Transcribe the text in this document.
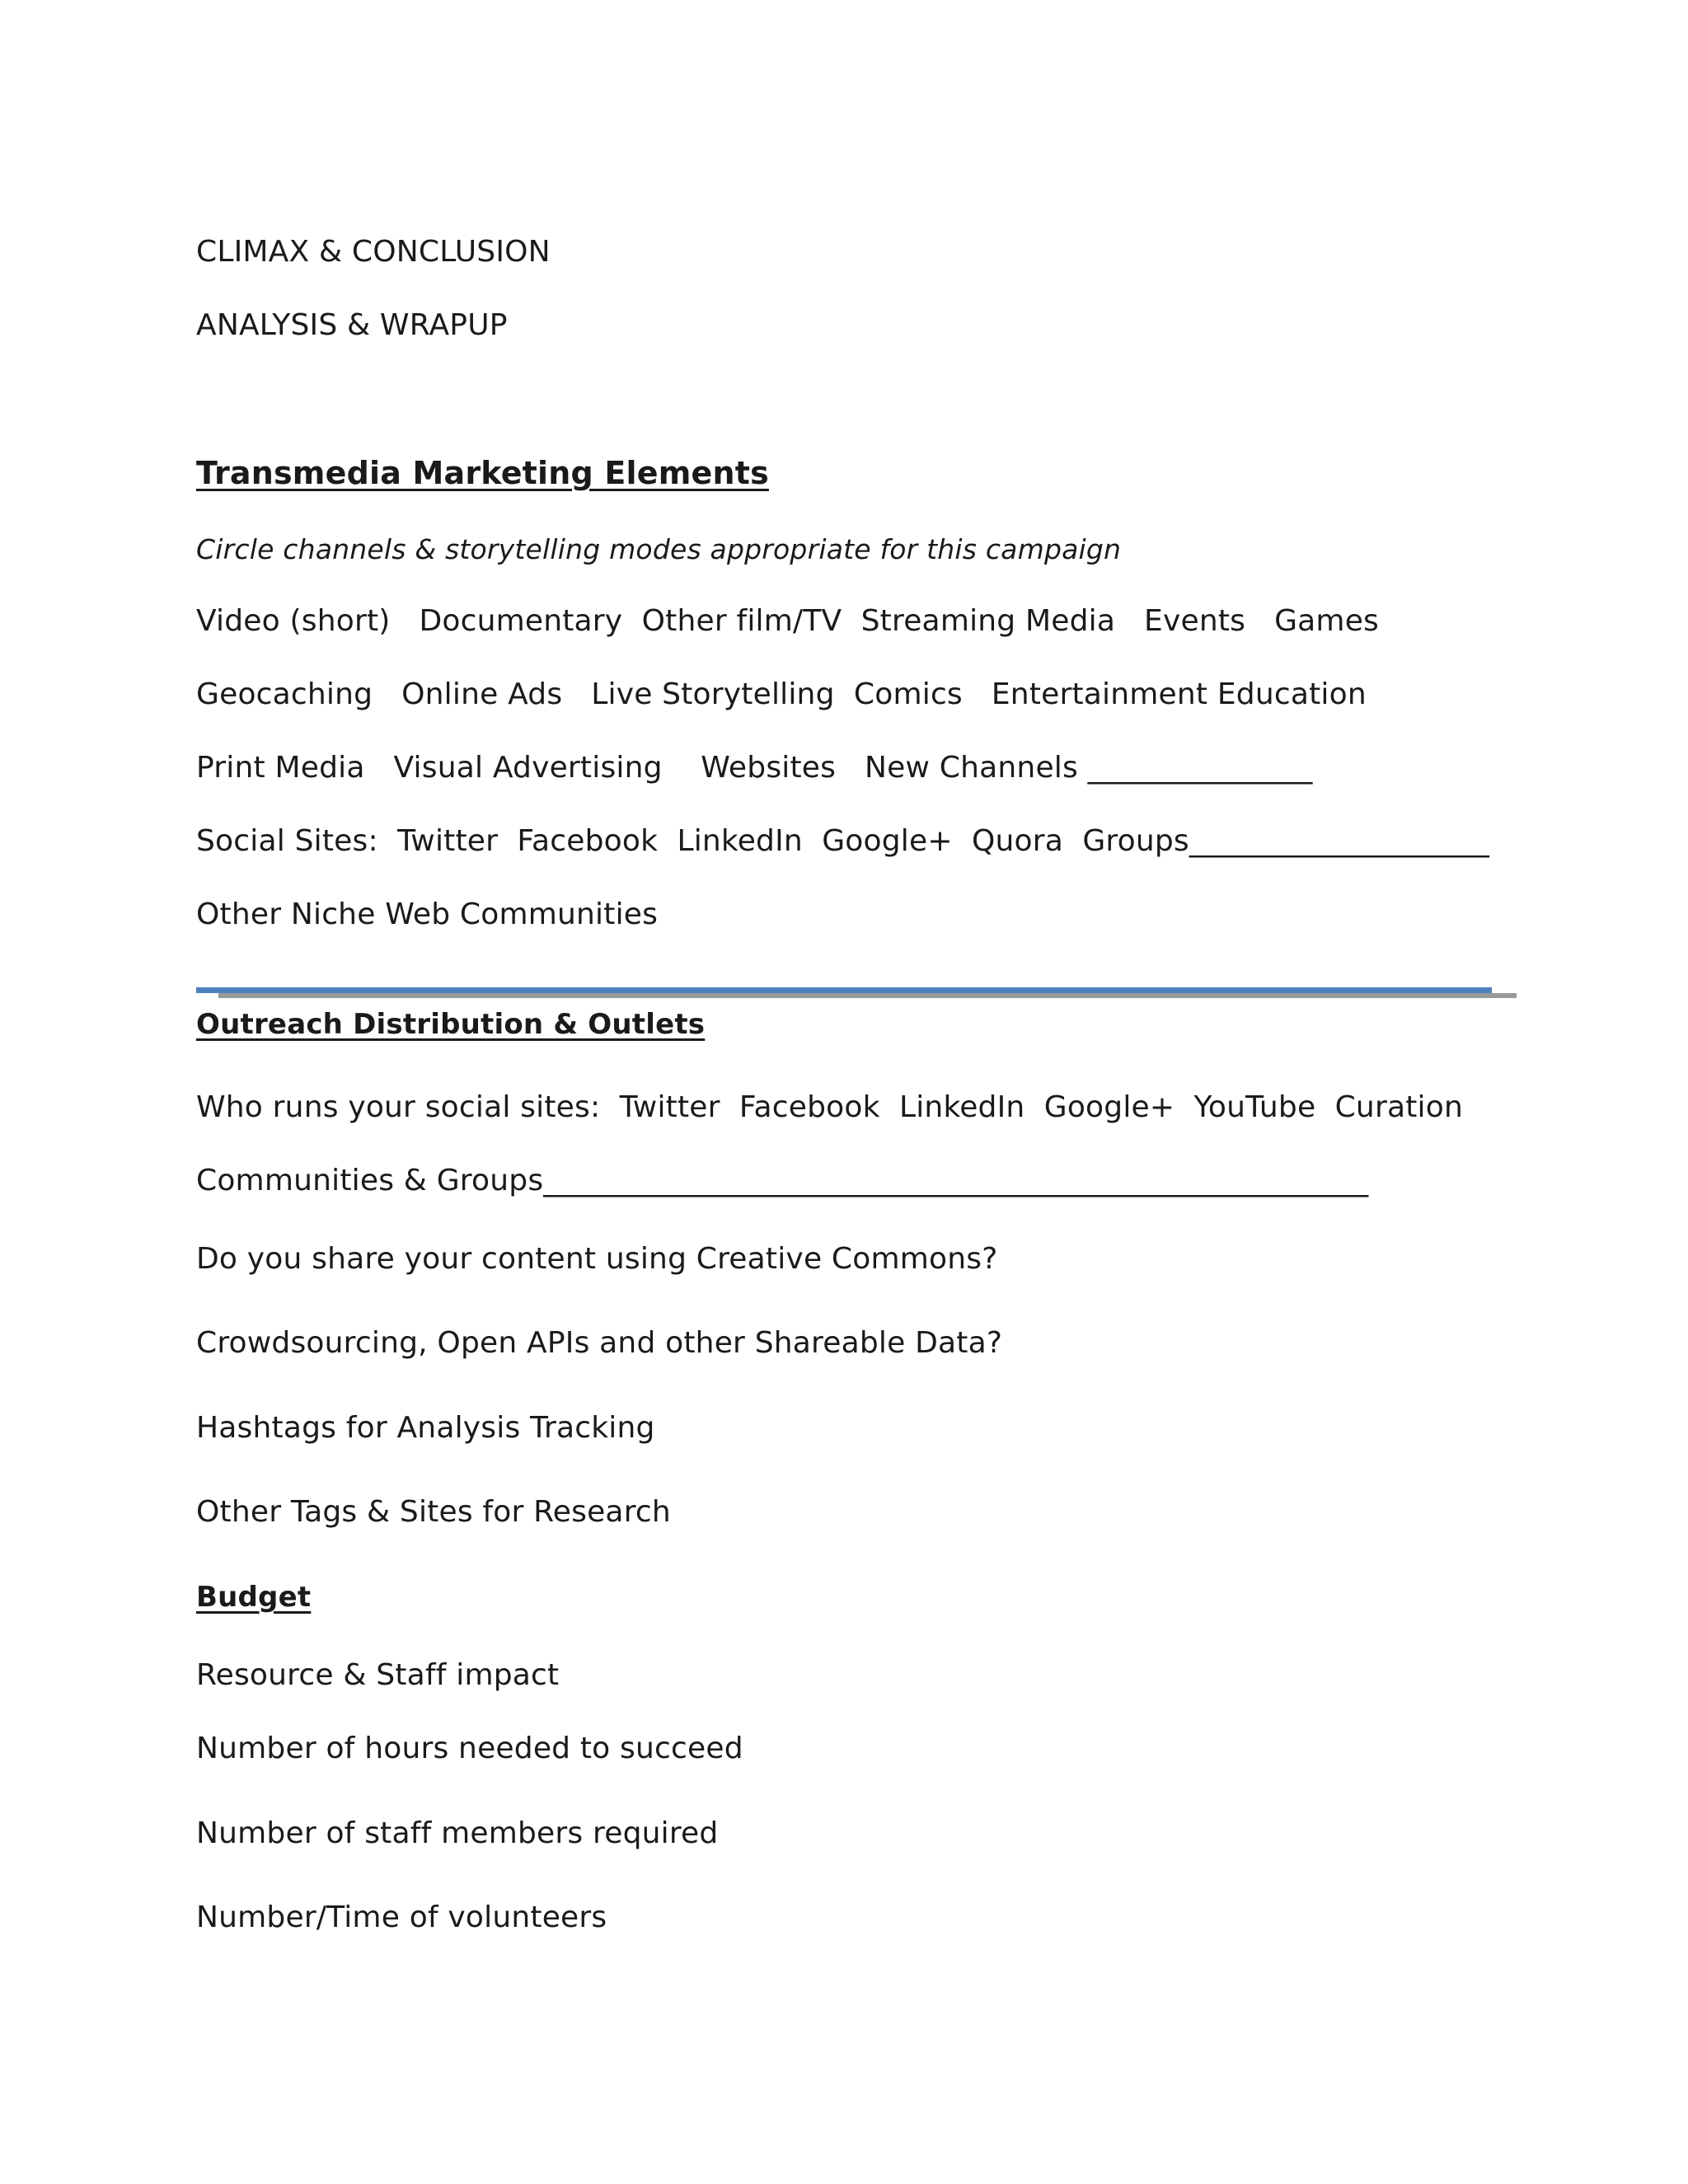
CLIMAX & CONCLUSION
ANALYSIS & WRAPUP
Transmedia Marketing Elements
Circle channels & storytelling modes appropriate for this campaign
Video (short)   Documentary  Other film/TV  Streaming Media   Events   Games
Geocaching   Online Ads   Live Storytelling  Comics   Entertainment Education
Print Media   Visual Advertising    Websites   New Channels _______________
Social Sites:  Twitter  Facebook  LinkedIn  Google+  Quora  Groups____________________
Other Niche Web Communities
Outreach Distribution & Outlets
Who runs your social sites:  Twitter  Facebook  LinkedIn  Google+  YouTube  Curation
Communities & Groups_______________________________________________________
Do you share your content using Creative Commons?
Crowdsourcing, Open APIs and other Shareable Data?
Hashtags for Analysis Tracking
Other Tags & Sites for Research
Budget
Resource & Staff impact
Number of hours needed to succeed
Number of staff members required
Number/Time of volunteers
